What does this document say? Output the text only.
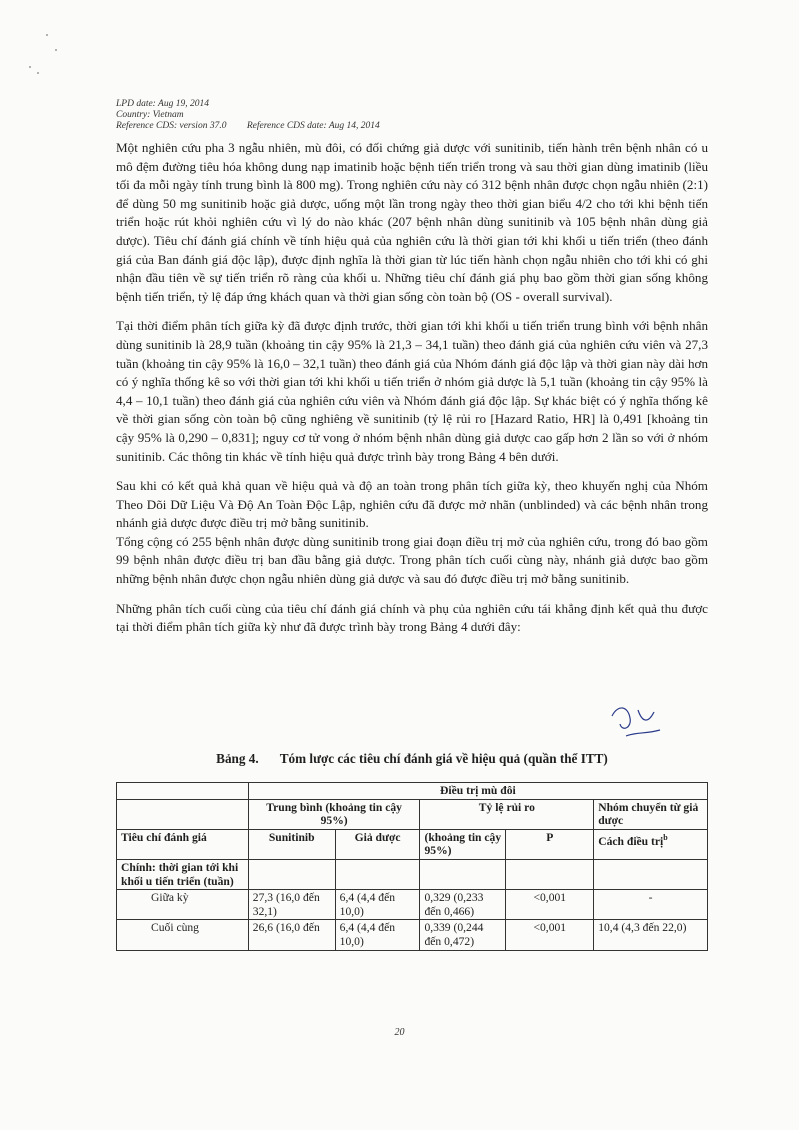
LPD date: Aug 19, 2014
Country: Vietnam
Reference CDS: version 37.0 Reference CDS date: Aug 14, 2014

Một nghiên cứu pha 3 ngẫu nhiên, mù đôi, có đối chứng giả dược với sunitinib, tiến hành trên bệnh nhân có u mô đệm đường tiêu hóa không dung nạp imatinib hoặc bệnh tiến triển trong và sau thời gian dùng imatinib (liều tối đa mỗi ngày tính trung bình là 800 mg). Trong nghiên cứu này có 312 bệnh nhân được chọn ngẫu nhiên (2:1) để dùng 50 mg sunitinib hoặc giả dược, uống một lần trong ngày theo thời gian biểu 4/2 cho tới khi bệnh tiến triển hoặc rút khỏi nghiên cứu vì lý do nào khác (207 bệnh nhân dùng sunitinib và 105 bệnh nhân dùng giả dược). Tiêu chí đánh giá chính về tính hiệu quả của nghiên cứu là thời gian tới khi khối u tiến triển (theo đánh giá của Ban đánh giá độc lập), được định nghĩa là thời gian từ lúc tiến hành chọn ngẫu nhiên cho tới khi có ghi nhận đầu tiên về sự tiến triển rõ ràng của khối u. Những tiêu chí đánh giá phụ bao gồm thời gian sống không bệnh tiến triển, tỷ lệ đáp ứng khách quan và thời gian sống còn toàn bộ (OS - overall survival).

Tại thời điểm phân tích giữa kỳ đã được định trước, thời gian tới khi khối u tiến triển trung bình với bệnh nhân dùng sunitinib là 28,9 tuần (khoảng tin cậy 95% là 21,3 – 34,1 tuần) theo đánh giá của nghiên cứu viên và 27,3 tuần (khoảng tin cậy 95% là 16,0 – 32,1 tuần) theo đánh giá của Nhóm đánh giá độc lập và thời gian này dài hơn có ý nghĩa thống kê so với thời gian tới khi khối u tiến triển ở nhóm giả dược là 5,1 tuần (khoảng tin cậy 95% là 4,4 – 10,1 tuần) theo đánh giá của nghiên cứu viên và Nhóm đánh giá độc lập. Sự khác biệt có ý nghĩa thống kê về thời gian sống còn toàn bộ cũng nghiêng về sunitinib (tỷ lệ rủi ro [Hazard Ratio, HR] là 0,491 [khoảng tin cậy 95% là 0,290 – 0,831]; nguy cơ tử vong ở nhóm bệnh nhân dùng giả dược cao gấp hơn 2 lần so với ở nhóm sunitinib. Các thông tin khác về tính hiệu quả được trình bày trong Bảng 4 bên dưới.

Sau khi có kết quả khả quan về hiệu quả và độ an toàn trong phân tích giữa kỳ, theo khuyến nghị của Nhóm Theo Dõi Dữ Liệu Và Độ An Toàn Độc Lập, nghiên cứu đã được mở nhãn (unblinded) và các bệnh nhân trong nhánh giả dược được điều trị mở bằng sunitinib.

Tổng cộng có 255 bệnh nhân được dùng sunitinib trong giai đoạn điều trị mở của nghiên cứu, trong đó bao gồm 99 bệnh nhân được điều trị ban đầu bằng giả dược. Trong phân tích cuối cùng này, nhánh giả dược bao gồm những bệnh nhân được chọn ngẫu nhiên dùng giả dược và sau đó được điều trị mở bằng sunitinib.

Những phân tích cuối cùng của tiêu chí đánh giá chính và phụ của nghiên cứu tái khẳng định kết quả thu được tại thời điểm phân tích giữa kỳ như đã được trình bày trong Bảng 4 dưới đây:

Bảng 4. Tóm lược các tiêu chí đánh giá về hiệu quả (quần thể ITT)
	Điều trị mù đôi				
	Trung bình (khoảng tin cậy 95%)		Tỷ lệ rủi ro		Nhóm chuyển từ giả dược
Tiêu chí đánh giá	Sunitinib	Giả dược	(khoảng tin cậy 95%)	P	Cách điều trị$^b$
Chính: thời gian tới khi khối u tiến triển (tuần)					
Giữa kỳ	27,3 (16,0 đến 32,1)	6,4 (4,4 đến 10,0)	0,329 (0,233 đến 0,466)	<0,001	-
Cuối cùng	26,6 (16,0 đến	6,4 (4,4 đến 10,0)	0,339 (0,244 đến 0,472)	<0,001	10,4 (4,3 đến 22,0)
20
